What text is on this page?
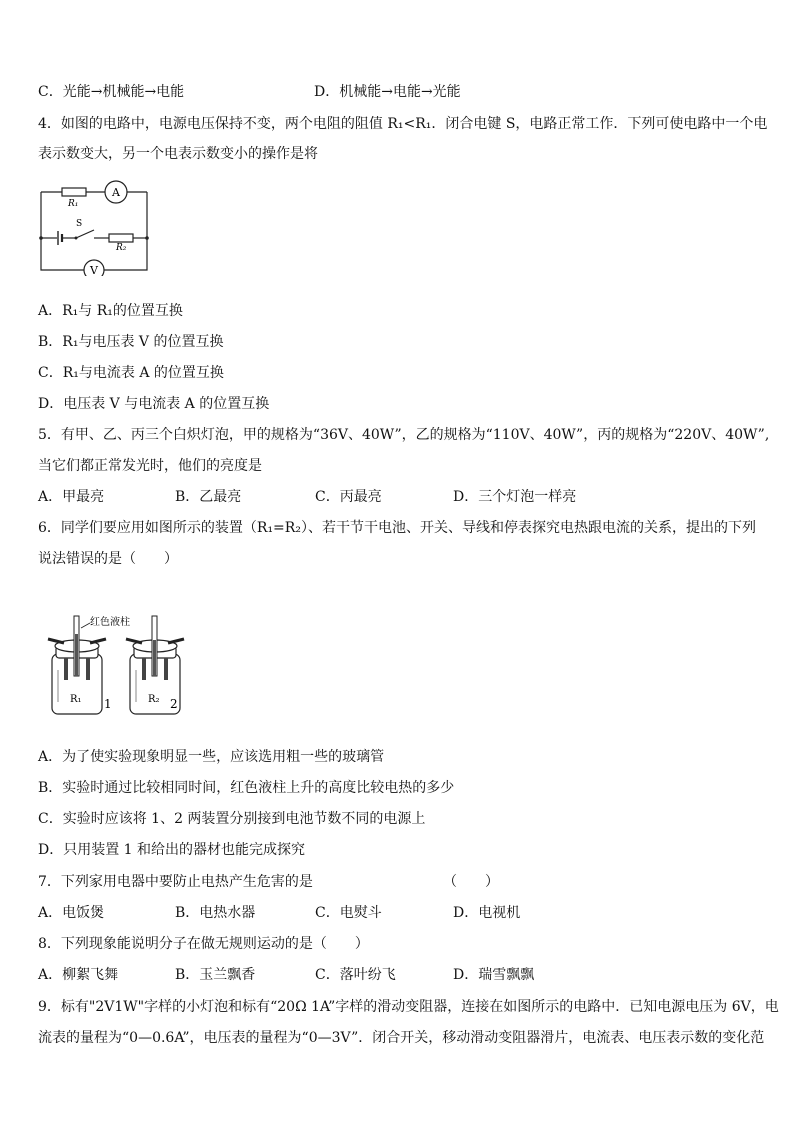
C．光能→机械能→电能	D．机械能→电能→光能
4．如图的电路中，电源电压保持不变，两个电阻的阻值 R₁<R₁．闭合电键 S，电路正常工作．下列可使电路中一个电
表示数变大，另一个电表示数变小的操作是将
R₁
A
S
R₂
V
A．R₁与 R₁的位置互换
B．R₁与电压表 V 的位置互换
C．R₁与电流表 A 的位置互换
D．电压表 V 与电流表 A 的位置互换
5．有甲、乙、丙三个白炽灯泡，甲的规格为“36V、40W”，乙的规格为“110V、40W”，丙的规格为“220V、40W”,
当它们都正常发光时，他们的亮度是
A．甲最亮	B．乙最亮	C．丙最亮	D．三个灯泡一样亮
6．同学们要应用如图所示的装置（R₁=R₂）、若干节干电池、开关、导线和停表探究电热跟电流的关系，提出的下列
说法错误的是（　　）
R₁ 1	R₂ 2
红色液柱
A．为了使实验现象明显一些，应该选用粗一些的玻璃管
B．实验时通过比较相同时间，红色液柱上升的高度比较电热的多少
C．实验时应该将 1、2 两装置分别接到电池节数不同的电源上
D．只用装置 1 和给出的器材也能完成探究
7．下列家用电器中要防止电热产生危害的是	（　　）
A．电饭煲	B．电热水器	C．电熨斗	D．电视机
8．下列现象能说明分子在做无规则运动的是（　　）
A．柳絮飞舞	B．玉兰飘香	C．落叶纷飞	D．瑞雪飘飘
9．标有"2V1W"字样的小灯泡和标有“20Ω 1A”字样的滑动变阻器，连接在如图所示的电路中．已知电源电压为 6V，电
流表的量程为“0—0.6A”，电压表的量程为“0—3V”．闭合开关，移动滑动变阻器滑片，电流表、电压表示数的变化范
